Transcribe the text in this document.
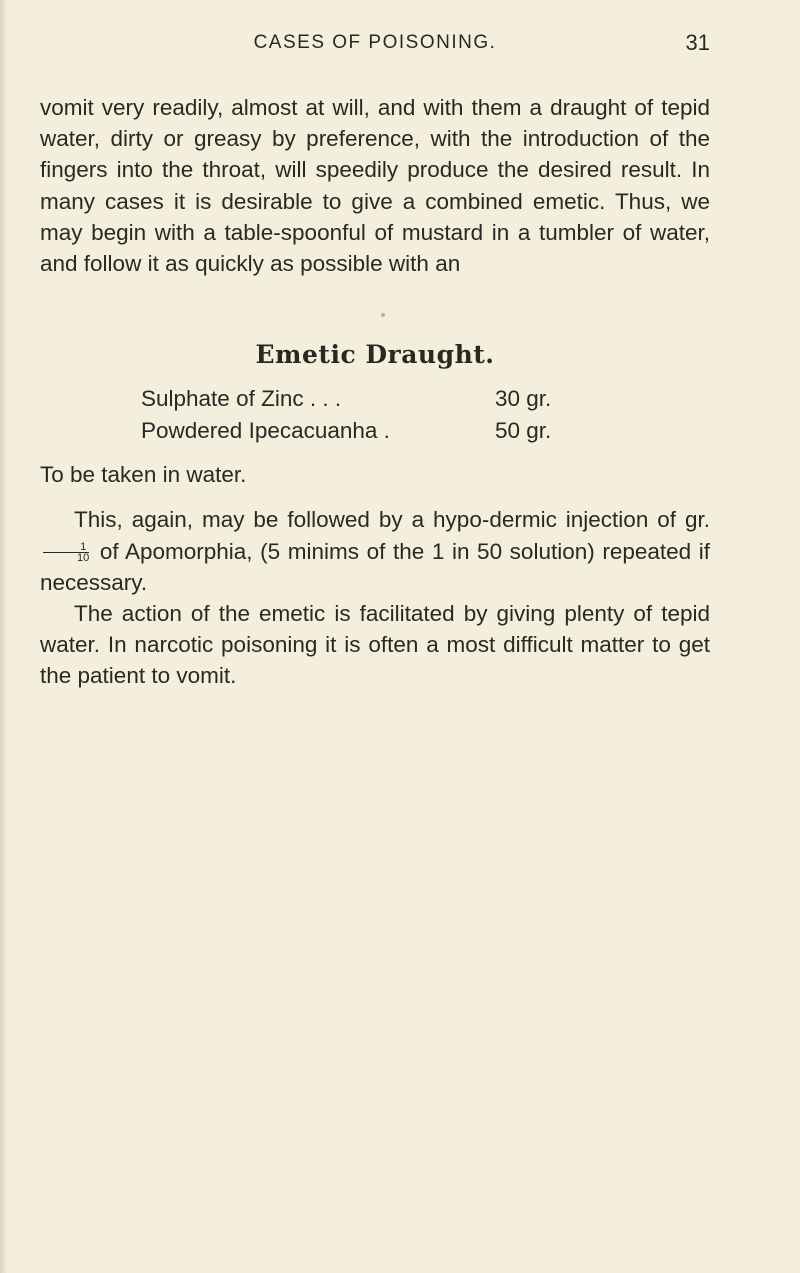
CASES OF POISONING.	31

vomit very readily, almost at will, and with them a draught of tepid water, dirty or greasy by preference, with the introduction of the fingers into the throat, will speedily produce the desired result. In many cases it is desirable to give a combined emetic. Thus, we may begin with a table-spoonful of mustard in a tumbler of water, and follow it as quickly as possible with an

Emetic Draught.
Sulphate of Zinc . . .	30 gr.
Powdered Ipecacuanha .	50 gr.

To be taken in water.

This, again, may be followed by a hypo-dermic injection of gr.
$\frac{1}{10}$ of Apomorphia, (5 minims of the 1 in 50 solution) repeated if necessary.

The action of the emetic is facilitated by giving plenty of tepid water. In narcotic poisoning it is often a most difficult matter to get the patient to vomit.
